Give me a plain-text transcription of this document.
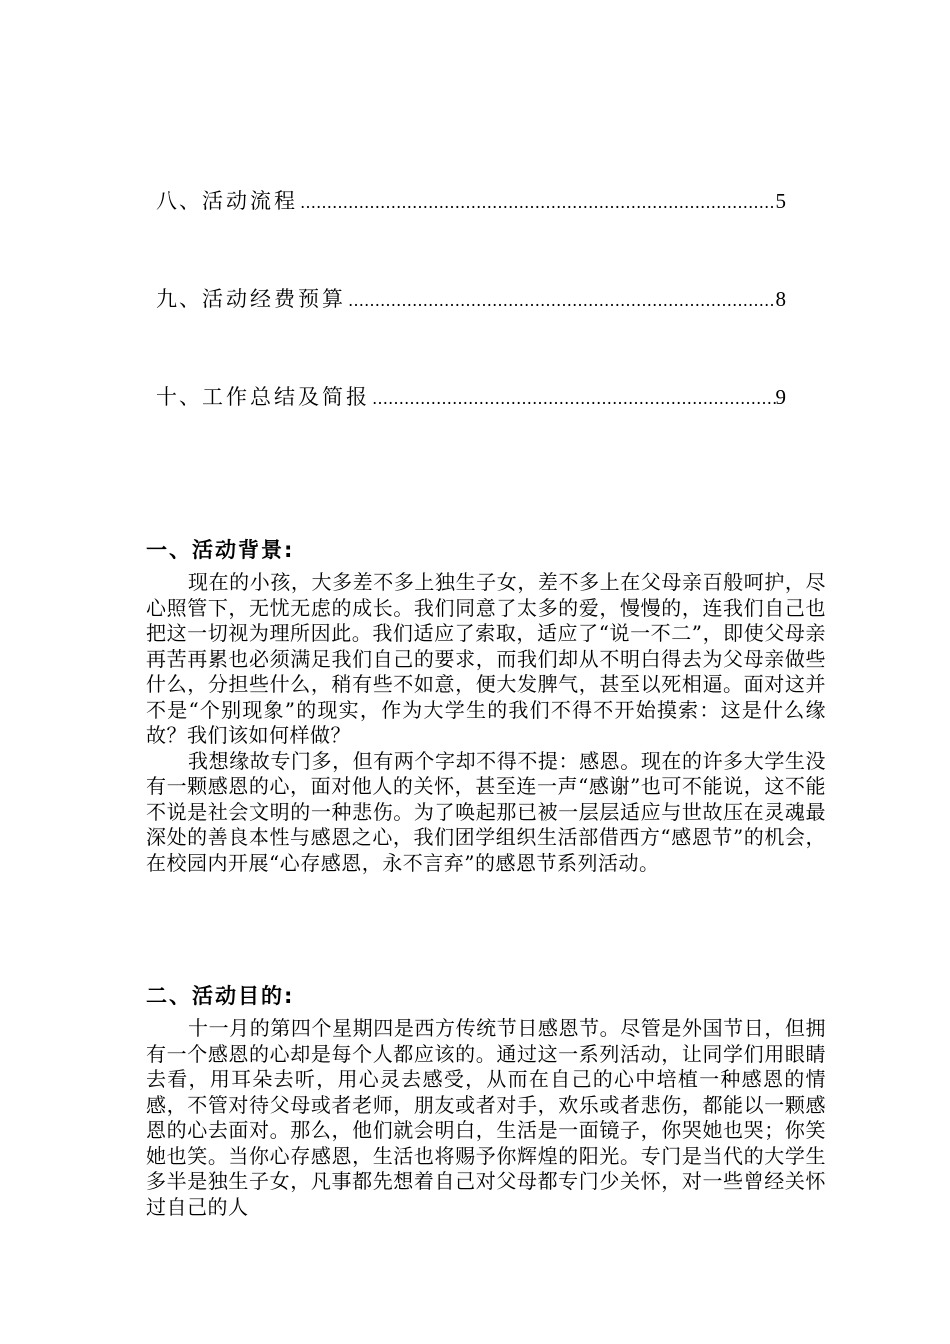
八、 活动流程 …………………………………………………………………………………………………………………………………………………………	5
九、 活动经费预算 …………………………………………………………………………………………………………………………………………………………	8
十、 工作总结及简报 …………………………………………………………………………………………………………………………………………………………	9
一、活动背景:

现在的小孩，大多差不多上独生子女，差不多上在父母亲百般呵护，尽心照管下，无忧无虑的成长。我们同意了太多的爱，慢慢的，连我们自己也把这一切视为理所因此。我们适应了索取，适应了“说一不二”，即使父母亲再苦再累也必须满足我们自己的要求，而我们却从不明白得去为父母亲做些什么，分担些什么，稍有些不如意，便大发脾气，甚至以死相逼。面对这并不是“个别现象”的现实，作为大学生的我们不得不开始摸索：这是什么缘故？我们该如何样做？

我想缘故专门多，但有两个字却不得不提：感恩。现在的许多大学生没有一颗感恩的心，面对他人的关怀，甚至连一声“感谢”也可不能说，这不能不说是社会文明的一种悲伤。为了唤起那已被一层层适应与世故压在灵魂最深处的善良本性与感恩之心，我们团学组织生活部借西方“感恩节”的机会，在校园内开展“心存感恩，永不言弃”的感恩节系列活动。

二、活动目的:

十一月的第四个星期四是西方传统节日感恩节。尽管是外国节日，但拥有一个感恩的心却是每个人都应该的。通过这一系列活动，让同学们用眼睛去看，用耳朵去听，用心灵去感受，从而在自己的心中培植一种感恩的情感，不管对待父母或者老师，朋友或者对手，欢乐或者悲伤，都能以一颗感恩的心去面对。那么，他们就会明白，生活是一面镜子，你哭她也哭；你笑她也笑。当你心存感恩，生活也将赐予你辉煌的阳光。专门是当代的大学生多半是独生子女，凡事都先想着自己对父母都专门少关怀，对一些曾经关怀过自己的人
